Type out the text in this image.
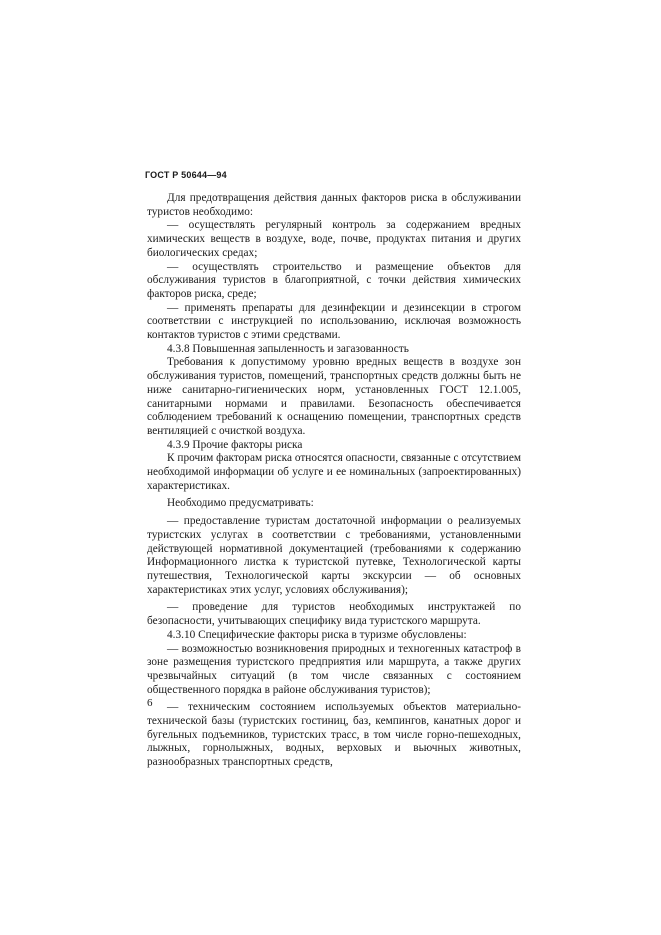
ГОСТ Р 50644—94

Для предотвращения действия данных факторов риска в обслуживании туристов необходимо:

— осуществлять регулярный контроль за содержанием вредных химических веществ в воздухе, воде, почве, продуктах питания и других биологических средах;

— осуществлять строительство и размещение объектов для обслуживания туристов в благоприятной, с точки действия химических факторов риска, среде;

— применять препараты для дезинфекции и дезинсекции в строгом соответствии с инструкцией по использованию, исключая возможность контактов туристов с этими средствами.

4.3.8 Повышенная запыленность и загазованность

Требования к допустимому уровню вредных веществ в воздухе зон обслуживания туристов, помещений, транспортных средств должны быть не ниже санитарно-гигиенических норм, установленных ГОСТ 12.1.005, санитарными нормами и правилами. Безопасность обеспечивается соблюдением требований к оснащению помещении, транспортных средств вентиляцией с очисткой воздуха.

4.3.9 Прочие факторы риска

К прочим факторам риска относятся опасности, связанные с отсутствием необходимой информации об услуге и ее номинальных (запроектированных) характеристиках.

Необходимо предусматривать:

— предоставление туристам достаточной информации о реализуемых туристских услугах в соответствии с требованиями, установленными действующей нормативной документацией (требованиями к содержанию Информационного листка к туристской путевке, Технологической карты путешествия, Технологической карты экскурсии — об основных характеристиках этих услуг, условиях обслуживания);

— проведение для туристов необходимых инструктажей по безопасности, учитывающих специфику вида туристского маршрута.

4.3.10 Специфические факторы риска в туризме обусловлены:

— возможностью возникновения природных и техногенных катастроф в зоне размещения туристского предприятия или маршрута, а также других чрезвычайных ситуаций (в том числе связанных с состоянием общественного порядка в районе обслуживания туристов);

— техническим состоянием используемых объектов материально-технической базы (туристских гостиниц, баз, кемпингов, канатных дорог и бугельных подъемников, туристских трасс, в том числе горно-пешеходных, лыжных, горнолыжных, водных, верховых и вьючных животных, разнообразных транспортных средств,

6
